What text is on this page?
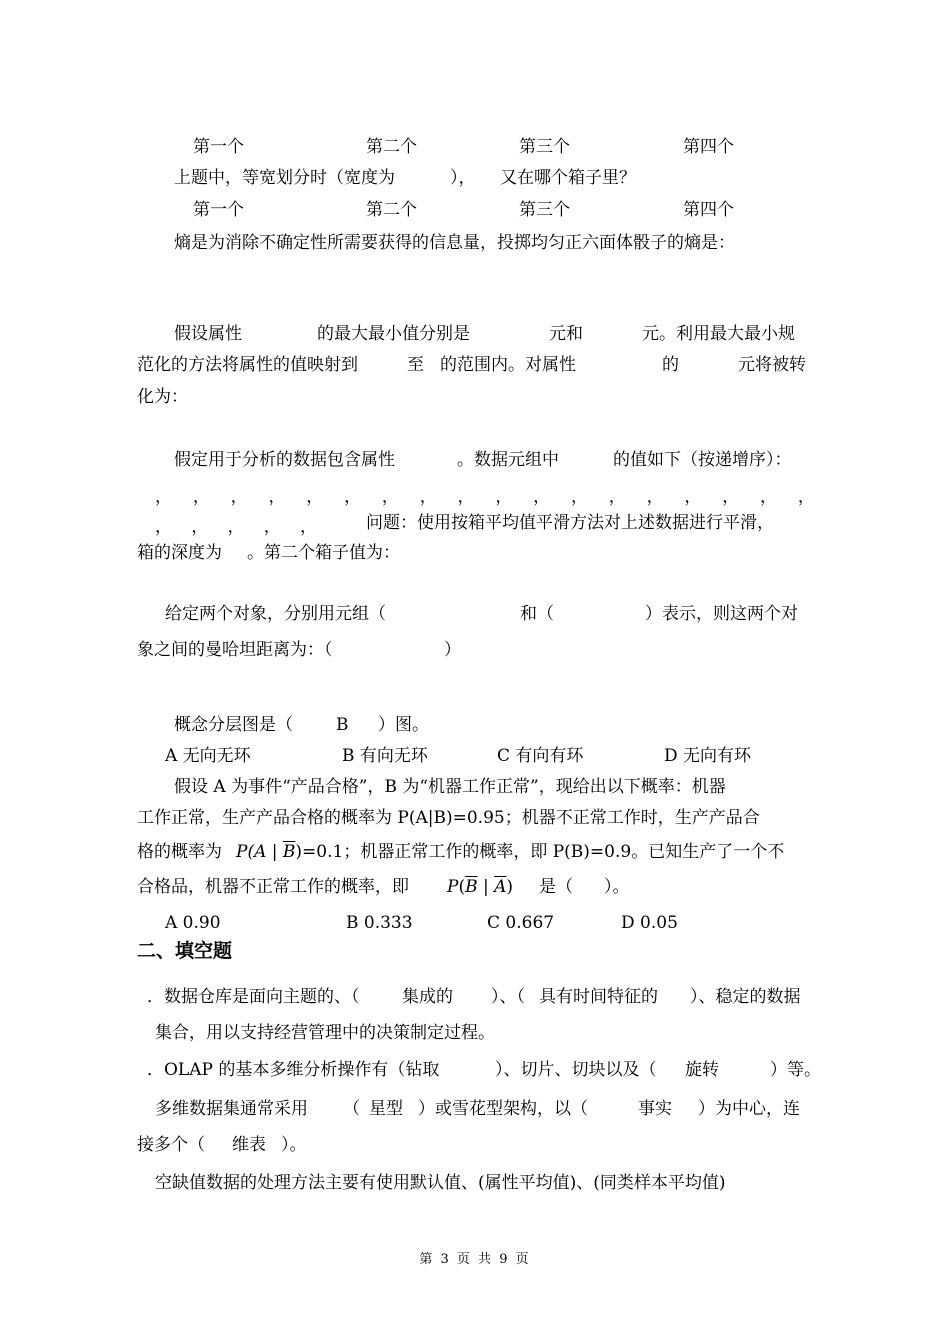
第一个	第二个	第三个	第四个
上题中，等宽划分时（宽度为	）， 又在哪个箱子里？
第一个	第二个	第三个	第四个
熵是为消除不确定性所需要获得的信息量，投掷均匀正六面体骰子的熵是：
假设属性	的最大最小值分别是	元和	元。利用最大最小规
范化的方法将属性的值映射到	至 的范围内。对属性	的	元将被转
化为：
假定用于分析的数据包含属性	。数据元组中	的值如下（按递增序）：
， ， ， ， ， ， ， ， ， ， ， ， ， ， ， ， ， ，
， ， ， ， ，	问题：使用按箱平均值平滑方法对上述数据进行平滑，
箱的深度为 。第二个箱子值为：
给定两个对象，分别用元组（	和（	）表示，则这两个对
象之间的曼哈坦距离为：（	）
概念分层图是（	B ）图。
A 无向无环	B 有向无环	C 有向有环	D 无向有环
假设 A 为事件“产品合格”，B 为“机器工作正常”，现给出以下概率：机器
工作正常，生产产品合格的概率为 P(A|B)=0.95；机器不正常工作时，生产产品合
格的概率为 P(A | $\overline{B})=0.1$；机器正常工作的概率，即 P(B)=0.9。已知生产了一个不
合格品，机器不正常工作的概率，即 $P(\overline{B}$ | $\overline{A}$) 是（ ）。
A 0.90	B 0.333	C 0.667	D 0.05
二、填空题
．数据仓库是面向主题的、（	集成的 ）、（ 具有时间特征的 ）、稳定的数据
集合，用以支持经营管理中的决策制定过程。
．OLAP 的基本多维分析操作有（钻取	）、切片、切块以及（ 旋转	）等。
多维数据集通常采用 （ 星型 ）或雪花型架构，以（	事实 ）为中心，连
接多个（ 维表 ）。
空缺值数据的处理方法主要有使用默认值、(属性平均值)、(同类样本平均值)
第 3 页 共 9 页
